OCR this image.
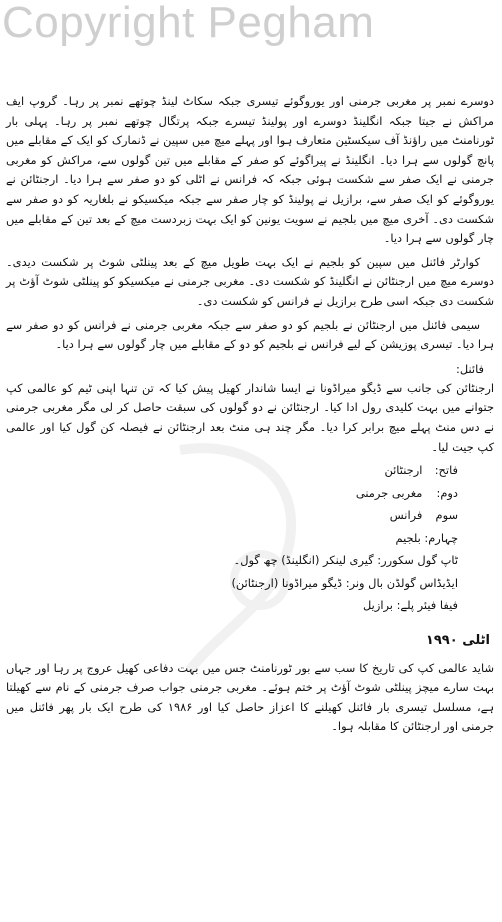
Copyright Pegham

دوسرے نمبر پر مغربی جرمنی اور یوروگوئے تیسری جبکہ سکاٹ لینڈ چوتھے نمبر پر رہا۔ گروپ ایف مراکش نے جیتا جبکہ انگلینڈ دوسرے اور پولینڈ تیسرے جبکہ پرتگال چوتھے نمبر پر رہا۔ پہلی بار ٹورنامنٹ میں راؤنڈ آف سیکسٹین متعارف ہوا اور پہلے میچ میں سپین نے ڈنمارک کو ایک کے مقابلے میں پانچ گولوں سے ہرا دیا۔ انگلینڈ نے پیراگوئے کو صفر کے مقابلے میں تین گولوں سے، مراکش کو مغربی جرمنی نے ایک صفر سے شکست ہوئی جبکہ کہ فرانس نے اٹلی کو دو صفر سے ہرا دیا۔ ارجنٹائن نے یوروگوئے کو ایک صفر سے، برازیل نے پولینڈ کو چار صفر سے جبکہ میکسیکو نے بلغاریہ کو دو صفر سے شکست دی۔ آخری میچ میں بلجیم نے سویت یونین کو ایک بہت زبردست میچ کے بعد تین کے مقابلے میں چار گولوں سے ہرا دیا۔

کوارٹر فائنل میں سپین کو بلجیم نے ایک بہت طویل میچ کے بعد پینلٹی شوٹ پر شکست دیدی۔ دوسرے میچ میں ارجنٹائن نے انگلینڈ کو شکست دی۔ مغربی جرمنی نے میکسیکو کو پینلٹی شوٹ آؤٹ پر شکست دی جبکہ اسی طرح برازیل نے فرانس کو شکست دی۔

سیمی فائنل میں ارجنٹائن نے بلجیم کو دو صفر سے جبکہ مغربی جرمنی نے فرانس کو دو صفر سے ہرا دیا۔ تیسری پوزیشن کے لیے فرانس نے بلجیم کو دو کے مقابلے میں چار گولوں سے ہرا دیا۔

فائنل:

ارجنٹائن کی جانب سے ڈیگو میراڈونا نے ایسا شاندار کھیل پیش کیا کہ تن تنہا اپنی ٹیم کو عالمی کپ جتوانے میں بہت کلیدی رول ادا کیا۔ ارجنٹائن نے دو گولوں کی سبقت حاصل کر لی مگر مغربی جرمنی نے دس منٹ پہلے میچ برابر کرا دیا۔ مگر چند ہی منٹ بعد ارجنٹائن نے فیصلہ کن گول کیا اور عالمی کپ جیت لیا۔

فاتح: ارجنٹائن

دوم: مغربی جرمنی

سوم فرانس

چہارم: بلجیم

ٹاپ گول سکورر: گیری لینکر (انگلینڈ) چھ گول۔

ایڈیڈاس گولڈن بال ونر: ڈیگو میراڈونا (ارجنٹائن)

فیفا فیئر پلے: برازیل

اٹلی ۱۹۹۰

شاید عالمی کپ کی تاریخ کا سب سے بور ٹورنامنٹ جس میں بہت دفاعی کھیل عروج پر رہا اور جہاں بہت سارے میچز پینلٹی شوٹ آؤٹ پر ختم ہوئے۔ مغربی جرمنی جواب صرف جرمنی کے نام سے کھیلتا ہے، مسلسل تیسری بار فائنل کھیلنے کا اعزاز حاصل کیا اور ۱۹۸۶ کی طرح ایک بار پھر فائنل میں جرمنی اور ارجنٹائن کا مقابلہ ہوا۔
